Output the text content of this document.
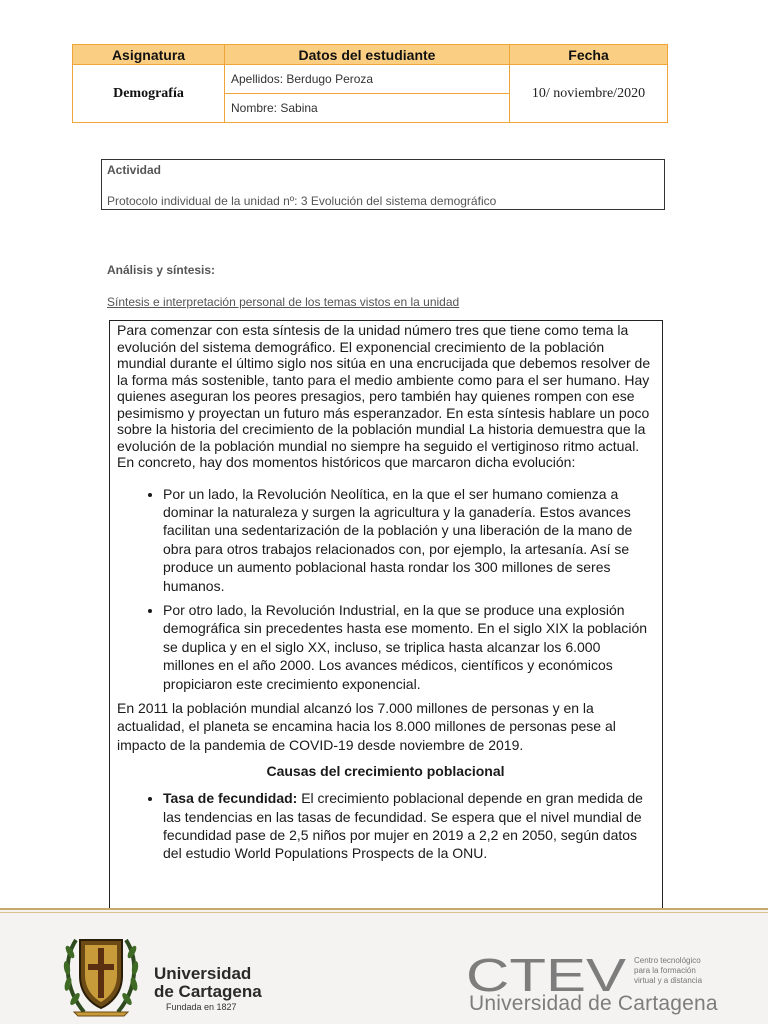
Asignatura	Datos del estudiante	Fecha
Demografía	Apellidos: Berdugo Peroza	10/ noviembre/2020
	Nombre: Sabina	
Actividad
Protocolo individual de la unidad nº: 3 Evolución del sistema demográfico
Análisis y síntesis:
Síntesis e interpretación personal de los temas vistos en la unidad

Para comenzar con esta síntesis de la unidad número tres que tiene como tema la evolución del sistema demográfico. El exponencial crecimiento de la población mundial durante el último siglo nos sitúa en una encrucijada que debemos resolver de la forma más sostenible, tanto para el medio ambiente como para el ser humano. Hay quienes aseguran los peores presagios, pero también hay quienes rompen con ese pesimismo y proyectan un futuro más esperanzador. En esta síntesis hablare un poco sobre la historia del crecimiento de la población mundial La historia demuestra que la evolución de la población mundial no siempre ha seguido el vertiginoso ritmo actual. En concreto, hay dos momentos históricos que marcaron dicha evolución:

• Por un lado, la Revolución Neolítica, en la que el ser humano comienza a dominar la naturaleza y surgen la agricultura y la ganadería. Estos avances facilitan una sedentarización de la población y una liberación de la mano de obra para otros trabajos relacionados con, por ejemplo, la artesanía. Así se produce un aumento poblacional hasta rondar los 300 millones de seres humanos.
• Por otro lado, la Revolución Industrial, en la que se produce una explosión demográfica sin precedentes hasta ese momento. En el siglo XIX la población se duplica y en el siglo XX, incluso, se triplica hasta alcanzar los 6.000 millones en el año 2000. Los avances médicos, científicos y económicos propiciaron este crecimiento exponencial.

En 2011 la población mundial alcanzó los 7.000 millones de personas y en la actualidad, el planeta se encamina hacia los 8.000 millones de personas pese al impacto de la pandemia de COVID-19 desde noviembre de 2019.

Causas del crecimiento poblacional

• Tasa de fecundidad: El crecimiento poblacional depende en gran medida de las tendencias en las tasas de fecundidad. Se espera que el nivel mundial de fecundidad pase de 2,5 niños por mujer en 2019 a 2,2 en 2050, según datos del estudio World Populations Prospects de la ONU.
Universidad
de Cartagena
Fundada en 1827
CTEV Centro tecnológico
para la formación
virtual y a distancia
Universidad de Cartagena
